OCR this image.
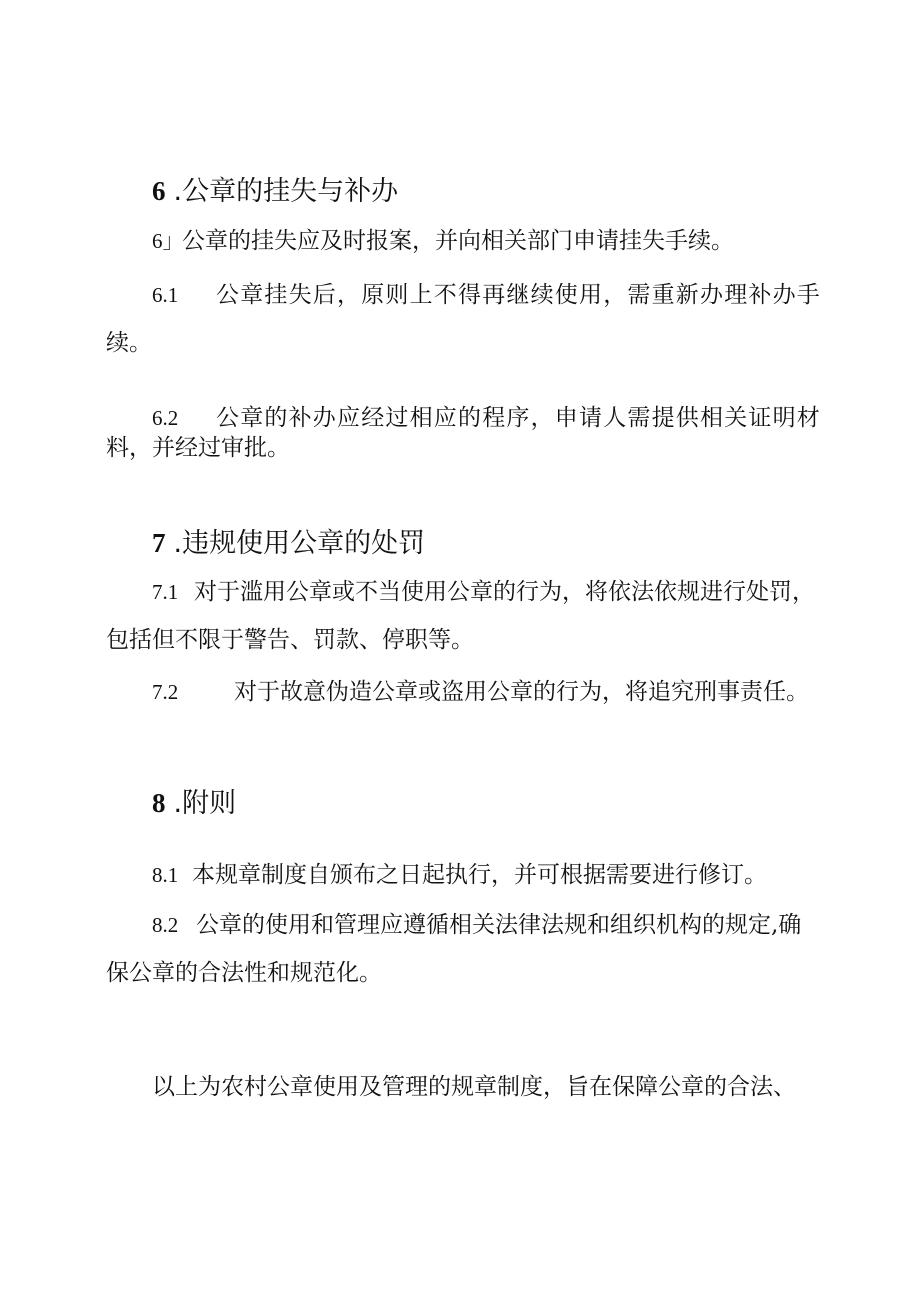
6 .公章的挂失与补办
6」公章的挂失应及时报案，并向相关部门申请挂失手续。
6.1 公章挂失后，原则上不得再继续使用，需重新办理补办手
续。
6.2 公章的补办应经过相应的程序，申请人需提供相关证明材
料，并经过审批。
7 .违规使用公章的处罚
7.1 对于滥用公章或不当使用公章的行为，将依法依规进行处罚，
包括但不限于警告、罚款、停职等。
7.2 对于故意伪造公章或盗用公章的行为，将追究刑事责任。
8 .附则
8.1 本规章制度自颁布之日起执行，并可根据需要进行修订。
8.2 公章的使用和管理应遵循相关法律法规和组织机构的规定,确
保公章的合法性和规范化。
以上为农村公章使用及管理的规章制度，旨在保障公章的合法、
